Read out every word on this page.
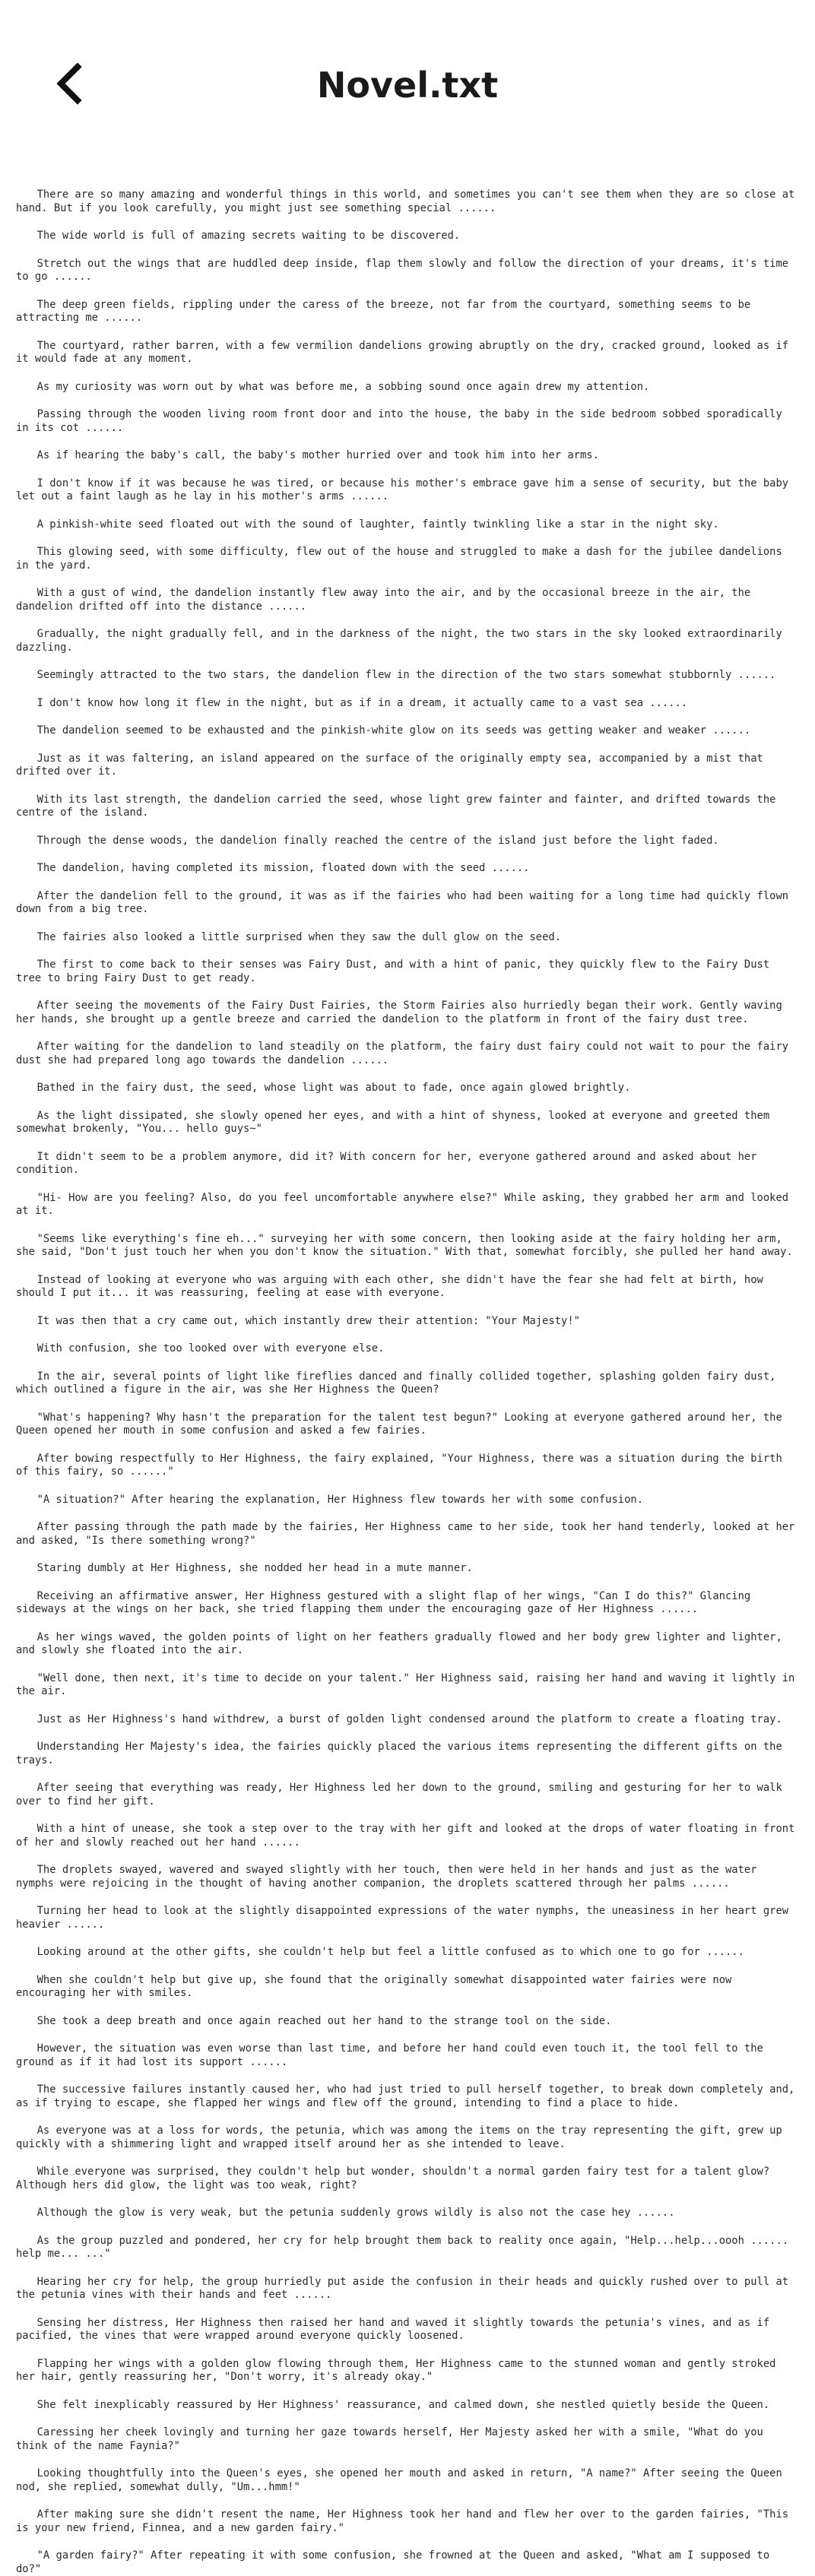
Novel.txt

There are so many amazing and wonderful things in this world, and sometimes you can't see them when they are so close at hand. But if you look carefully, you might just see something special ......

The wide world is full of amazing secrets waiting to be discovered.

Stretch out the wings that are huddled deep inside, flap them slowly and follow the direction of your dreams, it's time to go ......

The deep green fields, rippling under the caress of the breeze, not far from the courtyard, something seems to be attracting me ......

The courtyard, rather barren, with a few vermilion dandelions growing abruptly on the dry, cracked ground, looked as if it would fade at any moment.

As my curiosity was worn out by what was before me, a sobbing sound once again drew my attention.

Passing through the wooden living room front door and into the house, the baby in the side bedroom sobbed sporadically in its cot ......

As if hearing the baby's call, the baby's mother hurried over and took him into her arms.

I don't know if it was because he was tired, or because his mother's embrace gave him a sense of security, but the baby let out a faint laugh as he lay in his mother's arms ......

A pinkish-white seed floated out with the sound of laughter, faintly twinkling like a star in the night sky.

This glowing seed, with some difficulty, flew out of the house and struggled to make a dash for the jubilee dandelions in the yard.

With a gust of wind, the dandelion instantly flew away into the air, and by the occasional breeze in the air, the dandelion drifted off into the distance ......

Gradually, the night gradually fell, and in the darkness of the night, the two stars in the sky looked extraordinarily dazzling.

Seemingly attracted to the two stars, the dandelion flew in the direction of the two stars somewhat stubbornly ......

I don't know how long it flew in the night, but as if in a dream, it actually came to a vast sea ......

The dandelion seemed to be exhausted and the pinkish-white glow on its seeds was getting weaker and weaker ......

Just as it was faltering, an island appeared on the surface of the originally empty sea, accompanied by a mist that drifted over it.

With its last strength, the dandelion carried the seed, whose light grew fainter and fainter, and drifted towards the centre of the island.

Through the dense woods, the dandelion finally reached the centre of the island just before the light faded.

The dandelion, having completed its mission, floated down with the seed ......

After the dandelion fell to the ground, it was as if the fairies who had been waiting for a long time had quickly flown down from a big tree.

The fairies also looked a little surprised when they saw the dull glow on the seed.

The first to come back to their senses was Fairy Dust, and with a hint of panic, they quickly flew to the Fairy Dust tree to bring Fairy Dust to get ready.

After seeing the movements of the Fairy Dust Fairies, the Storm Fairies also hurriedly began their work. Gently waving her hands, she brought up a gentle breeze and carried the dandelion to the platform in front of the fairy dust tree.

After waiting for the dandelion to land steadily on the platform, the fairy dust fairy could not wait to pour the fairy dust she had prepared long ago towards the dandelion ......

Bathed in the fairy dust, the seed, whose light was about to fade, once again glowed brightly.

As the light dissipated, she slowly opened her eyes, and with a hint of shyness, looked at everyone and greeted them somewhat brokenly, "You... hello guys~"

It didn't seem to be a problem anymore, did it? With concern for her, everyone gathered around and asked about her condition.

"Hi- How are you feeling? Also, do you feel uncomfortable anywhere else?" While asking, they grabbed her arm and looked at it.

"Seems like everything's fine eh..." surveying her with some concern, then looking aside at the fairy holding her arm, she said, "Don't just touch her when you don't know the situation." With that, somewhat forcibly, she pulled her hand away.

Instead of looking at everyone who was arguing with each other, she didn't have the fear she had felt at birth, how should I put it... it was reassuring, feeling at ease with everyone.

It was then that a cry came out, which instantly drew their attention: "Your Majesty!"

With confusion, she too looked over with everyone else.

In the air, several points of light like fireflies danced and finally collided together, splashing golden fairy dust, which outlined a figure in the air, was she Her Highness the Queen?

"What's happening? Why hasn't the preparation for the talent test begun?" Looking at everyone gathered around her, the Queen opened her mouth in some confusion and asked a few fairies.

After bowing respectfully to Her Highness, the fairy explained, "Your Highness, there was a situation during the birth of this fairy, so ......"

"A situation?" After hearing the explanation, Her Highness flew towards her with some confusion.

After passing through the path made by the fairies, Her Highness came to her side, took her hand tenderly, looked at her and asked, "Is there something wrong?"

Staring dumbly at Her Highness, she nodded her head in a mute manner.

Receiving an affirmative answer, Her Highness gestured with a slight flap of her wings, "Can I do this?" Glancing sideways at the wings on her back, she tried flapping them under the encouraging gaze of Her Highness ......

As her wings waved, the golden points of light on her feathers gradually flowed and her body grew lighter and lighter, and slowly she floated into the air.

"Well done, then next, it's time to decide on your talent." Her Highness said, raising her hand and waving it lightly in the air.

Just as Her Highness's hand withdrew, a burst of golden light condensed around the platform to create a floating tray.

Understanding Her Majesty's idea, the fairies quickly placed the various items representing the different gifts on the trays.

After seeing that everything was ready, Her Highness led her down to the ground, smiling and gesturing for her to walk over to find her gift.

With a hint of unease, she took a step over to the tray with her gift and looked at the drops of water floating in front of her and slowly reached out her hand ......

The droplets swayed, wavered and swayed slightly with her touch, then were held in her hands and just as the water nymphs were rejoicing in the thought of having another companion, the droplets scattered through her palms ......

Turning her head to look at the slightly disappointed expressions of the water nymphs, the uneasiness in her heart grew heavier ......

Looking around at the other gifts, she couldn't help but feel a little confused as to which one to go for ......

When she couldn't help but give up, she found that the originally somewhat disappointed water fairies were now encouraging her with smiles.

She took a deep breath and once again reached out her hand to the strange tool on the side.

However, the situation was even worse than last time, and before her hand could even touch it, the tool fell to the ground as if it had lost its support ......

The successive failures instantly caused her, who had just tried to pull herself together, to break down completely and, as if trying to escape, she flapped her wings and flew off the ground, intending to find a place to hide.

As everyone was at a loss for words, the petunia, which was among the items on the tray representing the gift, grew up quickly with a shimmering light and wrapped itself around her as she intended to leave.

While everyone was surprised, they couldn't help but wonder, shouldn't a normal garden fairy test for a talent glow? Although hers did glow, the light was too weak, right?

Although the glow is very weak, but the petunia suddenly grows wildly is also not the case hey ......

As the group puzzled and pondered, her cry for help brought them back to reality once again, "Help...help...oooh ...... help me... ..."

Hearing her cry for help, the group hurriedly put aside the confusion in their heads and quickly rushed over to pull at the petunia vines with their hands and feet ......

Sensing her distress, Her Highness then raised her hand and waved it slightly towards the petunia's vines, and as if pacified, the vines that were wrapped around everyone quickly loosened.

Flapping her wings with a golden glow flowing through them, Her Highness came to the stunned woman and gently stroked her hair, gently reassuring her, "Don't worry, it's already okay."

She felt inexplicably reassured by Her Highness' reassurance, and calmed down, she nestled quietly beside the Queen.

Caressing her cheek lovingly and turning her gaze towards herself, Her Majesty asked her with a smile, "What do you think of the name Faynia?"

Looking thoughtfully into the Queen's eyes, she opened her mouth and asked in return, "A name?" After seeing the Queen nod, she replied, somewhat dully, "Um...hmm!"

After making sure she didn't resent the name, Her Highness took her hand and flew her over to the garden fairies, "This is your new friend, Finnea, and a new garden fairy."

"A garden fairy?" After repeating it with some confusion, she frowned at the Queen and asked, "What am I supposed to do?"
